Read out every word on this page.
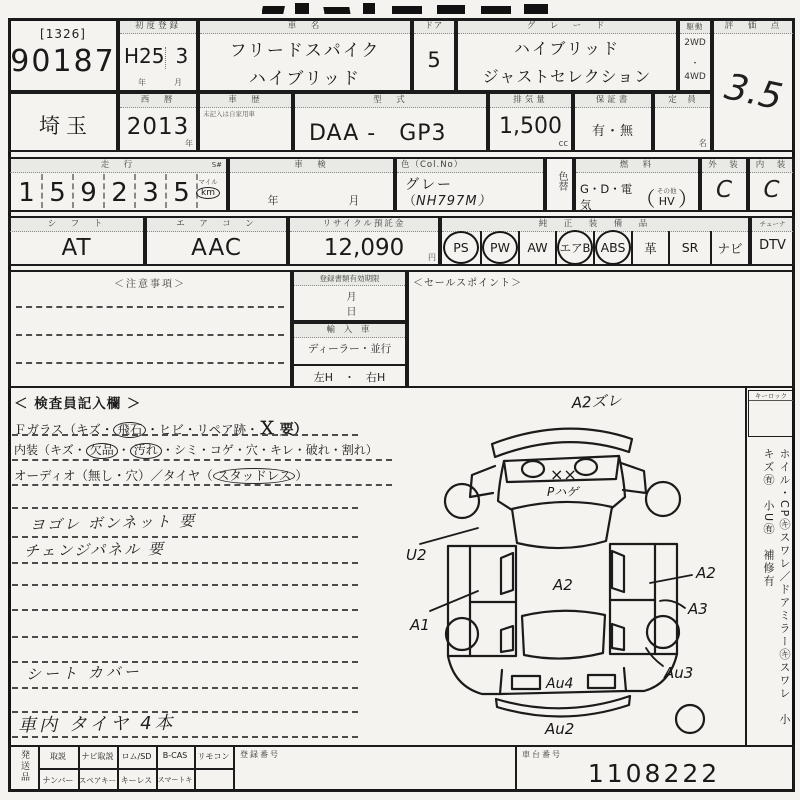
[1326]
90187
初度登録
H25 3
年　月
車　名
フリードスパイク
ハイブリッド
ドア
5
グ　レ　ー　ド
ハイブリッド
ジャストセレクション
駆動
2WD
・
4WD
評　価　点
3.5
埼玉
西　暦
2013
年
車　歴
未記入は自家用車
型　式
DAA -　GP3
排気量
1,500
cc
保証書
有・無
定　員
名
走　行	S#
1 5 9 2 3 5	マイル
km
車　検
年　　月
色（Col.No）
グレー
（NH797M）
色替
燃　料
G・D・電気	（ その他
HV ）
外　装
C
内　装
C
シ　フ　ト
AT
エ　ア　コ　ン
AAC
リサイクル預託金
12,090	円
純　正　装　備　品
PS	PW	AW エアB ABS	革 SR ナビ
チューナ
DTV
＜注意事項＞
登録書類有効期限
月　　日
輸 入 車
ディーラー・並行
左H　・　右H
＜セールスポイント＞
＜ 検査員記入欄 ＞
Ｆガラス（キズ・ 飛石 ・ヒビ・リペア跡・Ｘ 要）
内装（キズ・ 欠品 ・ 汚れ ・シミ・コゲ・穴・キレ・破れ・割れ）
オーディオ（無し・穴）／タイヤ（ スタッドレス ）
ヨゴレ ボンネット 要
チェンジパネル 要
シート カバー
車内 タイヤ 4本
A2ズレ
××
Pハゲ
U2
A1
A2
A2
A3
Au3
Au4
Au2
キーロック
ホイル・CP㋖スワレ／ドアミラー㋖スワレ　小キズ㊒　小U㊒　補修有
発送品	取説	ナビ取説	ロム/SD	B-CAS	リモコン
ナンバー スペアキー キーレス スマートキー
登録番号	車台番号
1108222
